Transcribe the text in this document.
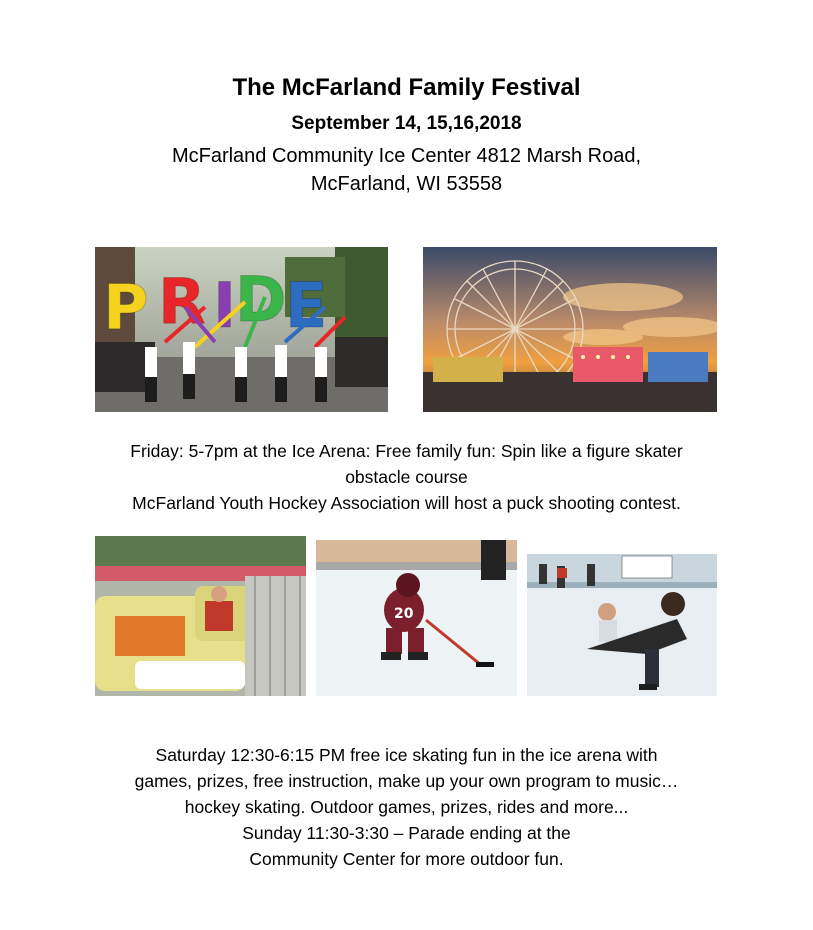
The McFarland Family Festival
September 14, 15,16,2018
McFarland Community Ice Center 4812 Marsh Road,
McFarland, WI 53558
P R I
D
E
Friday: 5-7pm at the Ice Arena: Free family fun: Spin like a figure skater
obstacle course
McFarland Youth Hockey Association will host a puck shooting contest.
20
Saturday 12:30-6:15 PM free ice skating fun in the ice arena with
games, prizes, free instruction, make up your own program to music…
hockey skating. Outdoor games, prizes, rides and more...
Sunday 11:30-3:30 – Parade ending at the
Community Center for more outdoor fun.
